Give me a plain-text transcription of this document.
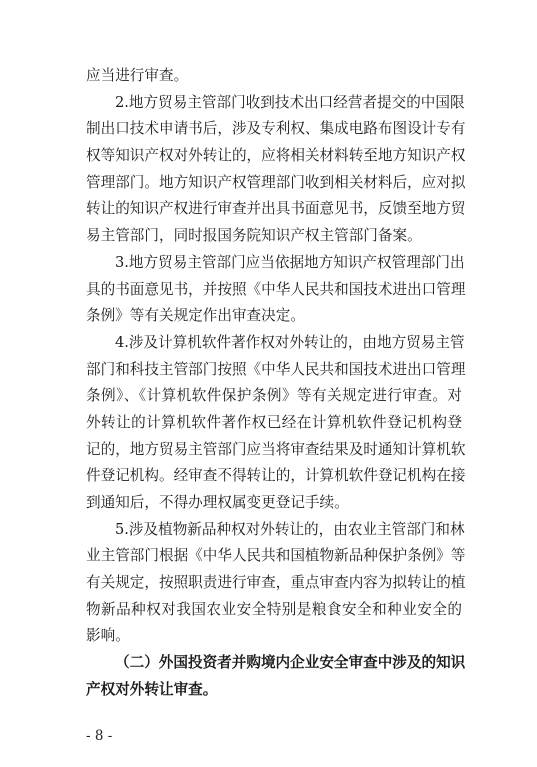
应当进行审查。
2.地方贸易主管部门收到技术出口经营者提交的中国限
制出口技术申请书后，涉及专利权、集成电路布图设计专有
权等知识产权对外转让的，应将相关材料转至地方知识产权
管理部门。地方知识产权管理部门收到相关材料后，应对拟
转让的知识产权进行审查并出具书面意见书，反馈至地方贸
易主管部门，同时报国务院知识产权主管部门备案。
3.地方贸易主管部门应当依据地方知识产权管理部门出
具的书面意见书，并按照《中华人民共和国技术进出口管理
条例》等有关规定作出审查决定。
4.涉及计算机软件著作权对外转让的，由地方贸易主管
部门和科技主管部门按照《中华人民共和国技术进出口管理
条例》、《计算机软件保护条例》等有关规定进行审查。对
外转让的计算机软件著作权已经在计算机软件登记机构登
记的，地方贸易主管部门应当将审查结果及时通知计算机软
件登记机构。经审查不得转让的，计算机软件登记机构在接
到通知后，不得办理权属变更登记手续。
5.涉及植物新品种权对外转让的，由农业主管部门和林
业主管部门根据《中华人民共和国植物新品种保护条例》等
有关规定，按照职责进行审查，重点审查内容为拟转让的植
物新品种权对我国农业安全特别是粮食安全和种业安全的
影响。
（二）外国投资者并购境内企业安全审查中涉及的知识
产权对外转让审查。
- 8 -
